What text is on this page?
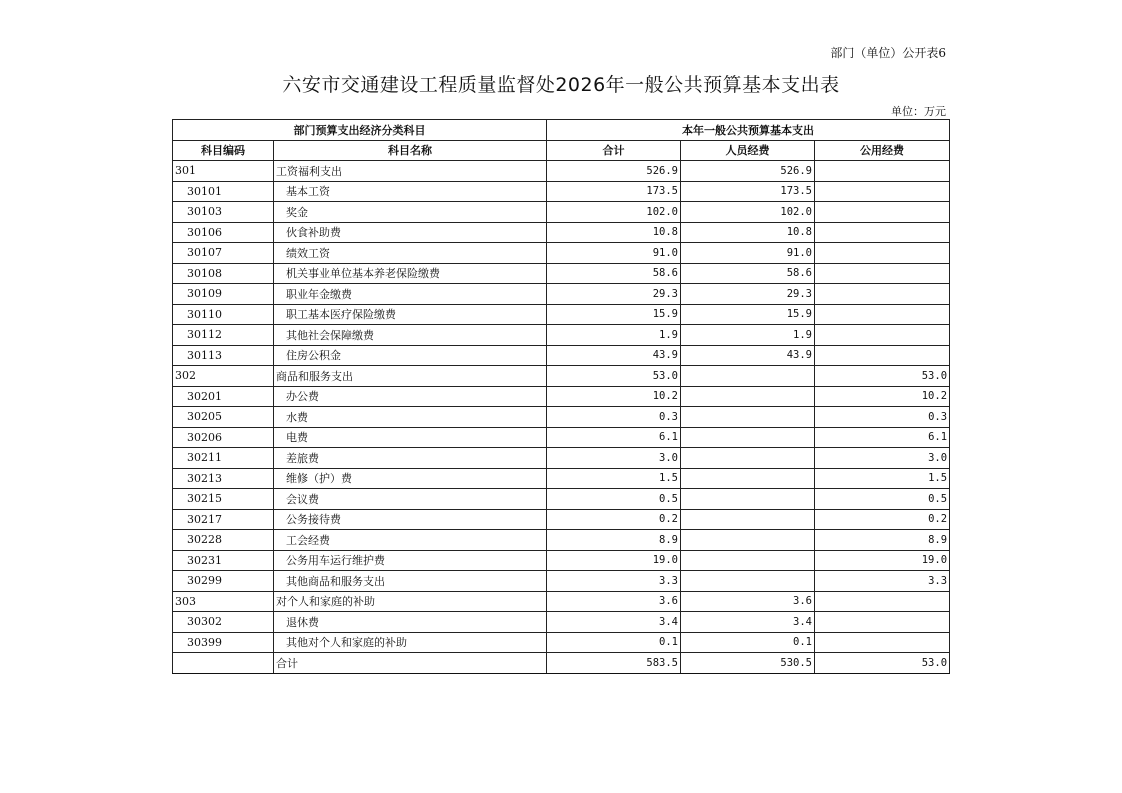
部门（单位）公开表6
六安市交通建设工程质量监督处2026年一般公共预算基本支出表
单位：万元
部门预算支出经济分类科目		本年一般公共预算基本支出		
科目编码	科目名称	合计	人员经费	公用经费
301	工资福利支出	526.9	526.9	
30101	基本工资	173.5	173.5	
30103	奖金	102.0	102.0	
30106	伙食补助费	10.8	10.8	
30107	绩效工资	91.0	91.0	
30108	机关事业单位基本养老保险缴费	58.6	58.6	
30109	职业年金缴费	29.3	29.3	
30110	职工基本医疗保险缴费	15.9	15.9	
30112	其他社会保障缴费	1.9	1.9	
30113	住房公积金	43.9	43.9	
302	商品和服务支出	53.0		53.0
30201	办公费	10.2		10.2
30205	水费	0.3		0.3
30206	电费	6.1		6.1
30211	差旅费	3.0		3.0
30213	维修（护）费	1.5		1.5
30215	会议费	0.5		0.5
30217	公务接待费	0.2		0.2
30228	工会经费	8.9		8.9
30231	公务用车运行维护费	19.0		19.0
30299	其他商品和服务支出	3.3		3.3
303	对个人和家庭的补助	3.6	3.6	
30302	退休费	3.4	3.4	
30399	其他对个人和家庭的补助	0.1	0.1	
	合计	583.5	530.5	53.0
